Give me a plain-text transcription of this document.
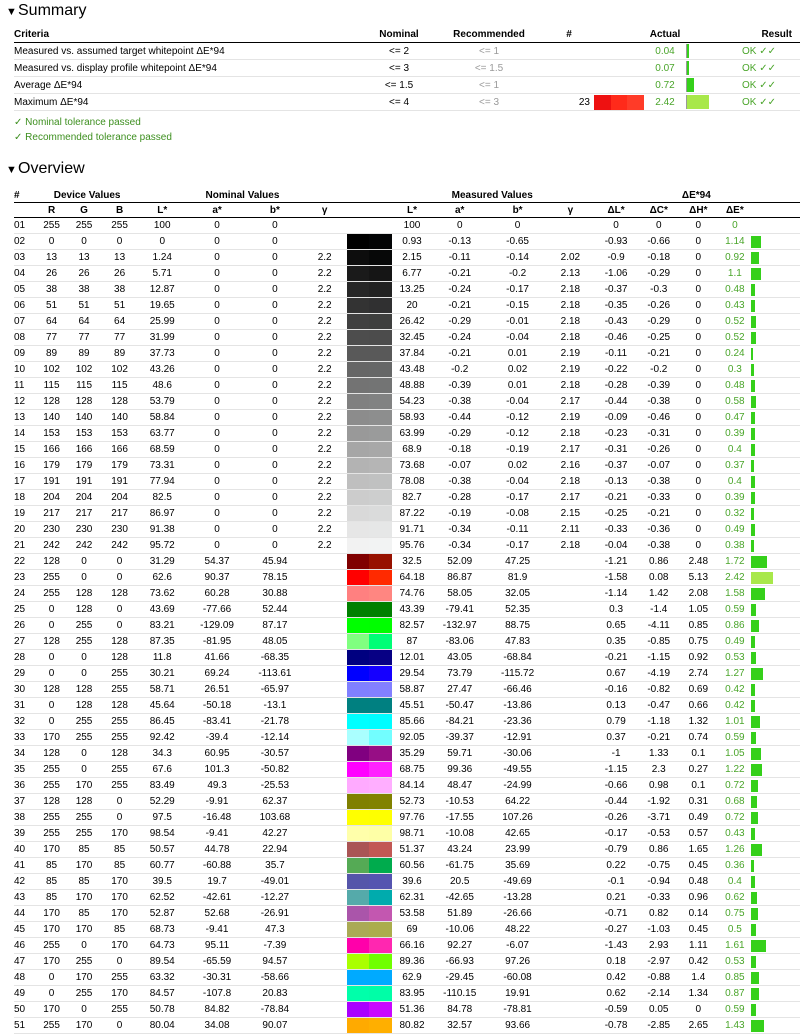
▼Summary
Criteria	Nominal	Recommended	#		Actual		Result
Measured vs. assumed target whitepoint ΔE*94	<= 2	<= 1			0.04		OK ✓✓
Measured vs. display profile whitepoint ΔE*94	<= 3	<= 1.5			0.07		OK ✓✓
Average ΔE*94	<= 1.5	<= 1			0.72		OK ✓✓
Maximum ΔE*94	<= 4	<= 3	23		2.42		OK ✓✓
✓ Nominal tolerance passed
✓ Recommended tolerance passed
▼Overview
#	Device Values			Nominal Values					Measured Values				ΔE*94				
	R	G	B	L*	a*	b*	γ		L*	a*	b*	γ	ΔL*	ΔC*	ΔH*	ΔE*	
01	255	255	255	100	0	0			100	0	0		0	0	0	0	
02	0	0	0	0	0	0			0.93	-0.13	-0.65		-0.93	-0.66	0	1.14	
03	13	13	13	1.24	0	0	2.2		2.15	-0.11	-0.14	2.02	-0.9	-0.18	0	0.92	
04	26	26	26	5.71	0	0	2.2		6.77	-0.21	-0.2	2.13	-1.06	-0.29	0	1.1	
05	38	38	38	12.87	0	0	2.2		13.25	-0.24	-0.17	2.18	-0.37	-0.3	0	0.48	
06	51	51	51	19.65	0	0	2.2		20	-0.21	-0.15	2.18	-0.35	-0.26	0	0.43	
07	64	64	64	25.99	0	0	2.2		26.42	-0.29	-0.01	2.18	-0.43	-0.29	0	0.52	
08	77	77	77	31.99	0	0	2.2		32.45	-0.24	-0.04	2.18	-0.46	-0.25	0	0.52	
09	89	89	89	37.73	0	0	2.2		37.84	-0.21	0.01	2.19	-0.11	-0.21	0	0.24	
10	102	102	102	43.26	0	0	2.2		43.48	-0.2	0.02	2.19	-0.22	-0.2	0	0.3	
11	115	115	115	48.6	0	0	2.2		48.88	-0.39	0.01	2.18	-0.28	-0.39	0	0.48	
12	128	128	128	53.79	0	0	2.2		54.23	-0.38	-0.04	2.17	-0.44	-0.38	0	0.58	
13	140	140	140	58.84	0	0	2.2		58.93	-0.44	-0.12	2.19	-0.09	-0.46	0	0.47	
14	153	153	153	63.77	0	0	2.2		63.99	-0.29	-0.12	2.18	-0.23	-0.31	0	0.39	
15	166	166	166	68.59	0	0	2.2		68.9	-0.18	-0.19	2.17	-0.31	-0.26	0	0.4	
16	179	179	179	73.31	0	0	2.2		73.68	-0.07	0.02	2.16	-0.37	-0.07	0	0.37	
17	191	191	191	77.94	0	0	2.2		78.08	-0.38	-0.04	2.18	-0.13	-0.38	0	0.4	
18	204	204	204	82.5	0	0	2.2		82.7	-0.28	-0.17	2.17	-0.21	-0.33	0	0.39	
19	217	217	217	86.97	0	0	2.2		87.22	-0.19	-0.08	2.15	-0.25	-0.21	0	0.32	
20	230	230	230	91.38	0	0	2.2		91.71	-0.34	-0.11	2.11	-0.33	-0.36	0	0.49	
21	242	242	242	95.72	0	0	2.2		95.76	-0.34	-0.17	2.18	-0.04	-0.38	0	0.38	
22	128	0	0	31.29	54.37	45.94			32.5	52.09	47.25		-1.21	0.86	2.48	1.72	
23	255	0	0	62.6	90.37	78.15			64.18	86.87	81.9		-1.58	0.08	5.13	2.42	
24	255	128	128	73.62	60.28	30.88			74.76	58.05	32.05		-1.14	1.42	2.08	1.58	
25	0	128	0	43.69	-77.66	52.44			43.39	-79.41	52.35		0.3	-1.4	1.05	0.59	
26	0	255	0	83.21	-129.09	87.17			82.57	-132.97	88.75		0.65	-4.11	0.85	0.86	
27	128	255	128	87.35	-81.95	48.05			87	-83.06	47.83		0.35	-0.85	0.75	0.49	
28	0	0	128	11.8	41.66	-68.35			12.01	43.05	-68.84		-0.21	-1.15	0.92	0.53	
29	0	0	255	30.21	69.24	-113.61			29.54	73.79	-115.72		0.67	-4.19	2.74	1.27	
30	128	128	255	58.71	26.51	-65.97			58.87	27.47	-66.46		-0.16	-0.82	0.69	0.42	
31	0	128	128	45.64	-50.18	-13.1			45.51	-50.47	-13.86		0.13	-0.47	0.66	0.42	
32	0	255	255	86.45	-83.41	-21.78			85.66	-84.21	-23.36		0.79	-1.18	1.32	1.01	
33	170	255	255	92.42	-39.4	-12.14			92.05	-39.37	-12.91		0.37	-0.21	0.74	0.59	
34	128	0	128	34.3	60.95	-30.57			35.29	59.71	-30.06		-1	1.33	0.1	1.05	
35	255	0	255	67.6	101.3	-50.82			68.75	99.36	-49.55		-1.15	2.3	0.27	1.22	
36	255	170	255	83.49	49.3	-25.53			84.14	48.47	-24.99		-0.66	0.98	0.1	0.72	
37	128	128	0	52.29	-9.91	62.37			52.73	-10.53	64.22		-0.44	-1.92	0.31	0.68	
38	255	255	0	97.5	-16.48	103.68			97.76	-17.55	107.26		-0.26	-3.71	0.49	0.72	
39	255	255	170	98.54	-9.41	42.27			98.71	-10.08	42.65		-0.17	-0.53	0.57	0.43	
40	170	85	85	50.57	44.78	22.94			51.37	43.24	23.99		-0.79	0.86	1.65	1.26	
41	85	170	85	60.77	-60.88	35.7			60.56	-61.75	35.69		0.22	-0.75	0.45	0.36	
42	85	85	170	39.5	19.7	-49.01			39.6	20.5	-49.69		-0.1	-0.94	0.48	0.4	
43	85	170	170	62.52	-42.61	-12.27			62.31	-42.65	-13.28		0.21	-0.33	0.96	0.62	
44	170	85	170	52.87	52.68	-26.91			53.58	51.89	-26.66		-0.71	0.82	0.14	0.75	
45	170	170	85	68.73	-9.41	47.3			69	-10.06	48.22		-0.27	-1.03	0.45	0.5	
46	255	0	170	64.73	95.11	-7.39			66.16	92.27	-6.07		-1.43	2.93	1.11	1.61	
47	170	255	0	89.54	-65.59	94.57			89.36	-66.93	97.26		0.18	-2.97	0.42	0.53	
48	0	170	255	63.32	-30.31	-58.66			62.9	-29.45	-60.08		0.42	-0.88	1.4	0.85	
49	0	255	170	84.57	-107.8	20.83			83.95	-110.15	19.91		0.62	-2.14	1.34	0.87	
50	170	0	255	50.78	84.82	-78.84			51.36	84.78	-78.81		-0.59	0.05	0	0.59	
51	255	170	0	80.04	34.08	90.07			80.82	32.57	93.66		-0.78	-2.85	2.65	1.43	
